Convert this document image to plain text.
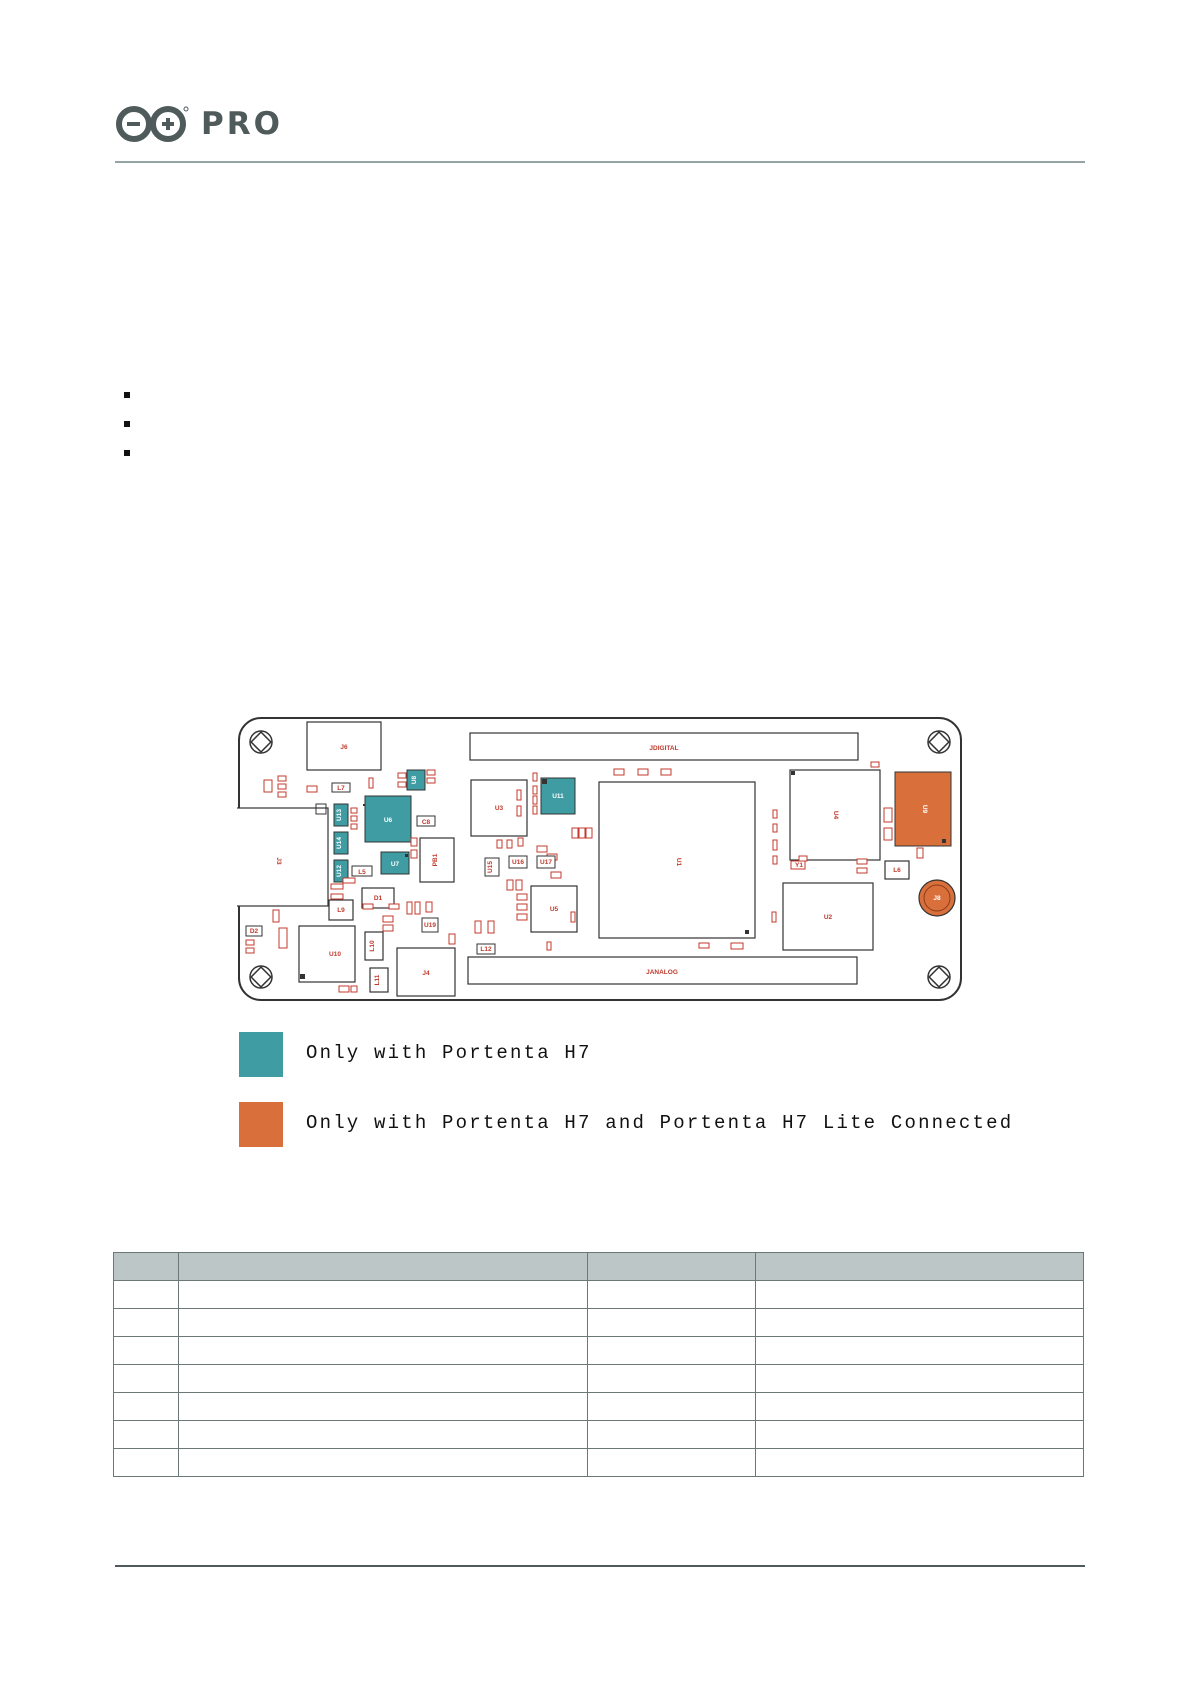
PRO
J6	JDIGITAL
JANALOG
J3
J4
U1
U2
U3
U4
U5
U10
PB1
D1
L9
L10
L11
L12
L6
L5
L7
C8
D2
Y1
U19
U15	U16 U17
U6
U7
U11
U8
U13
U14
U12
U9
J8
Only with Portenta H7
Only with Portenta H7 and Portenta H7 Lite Connected
